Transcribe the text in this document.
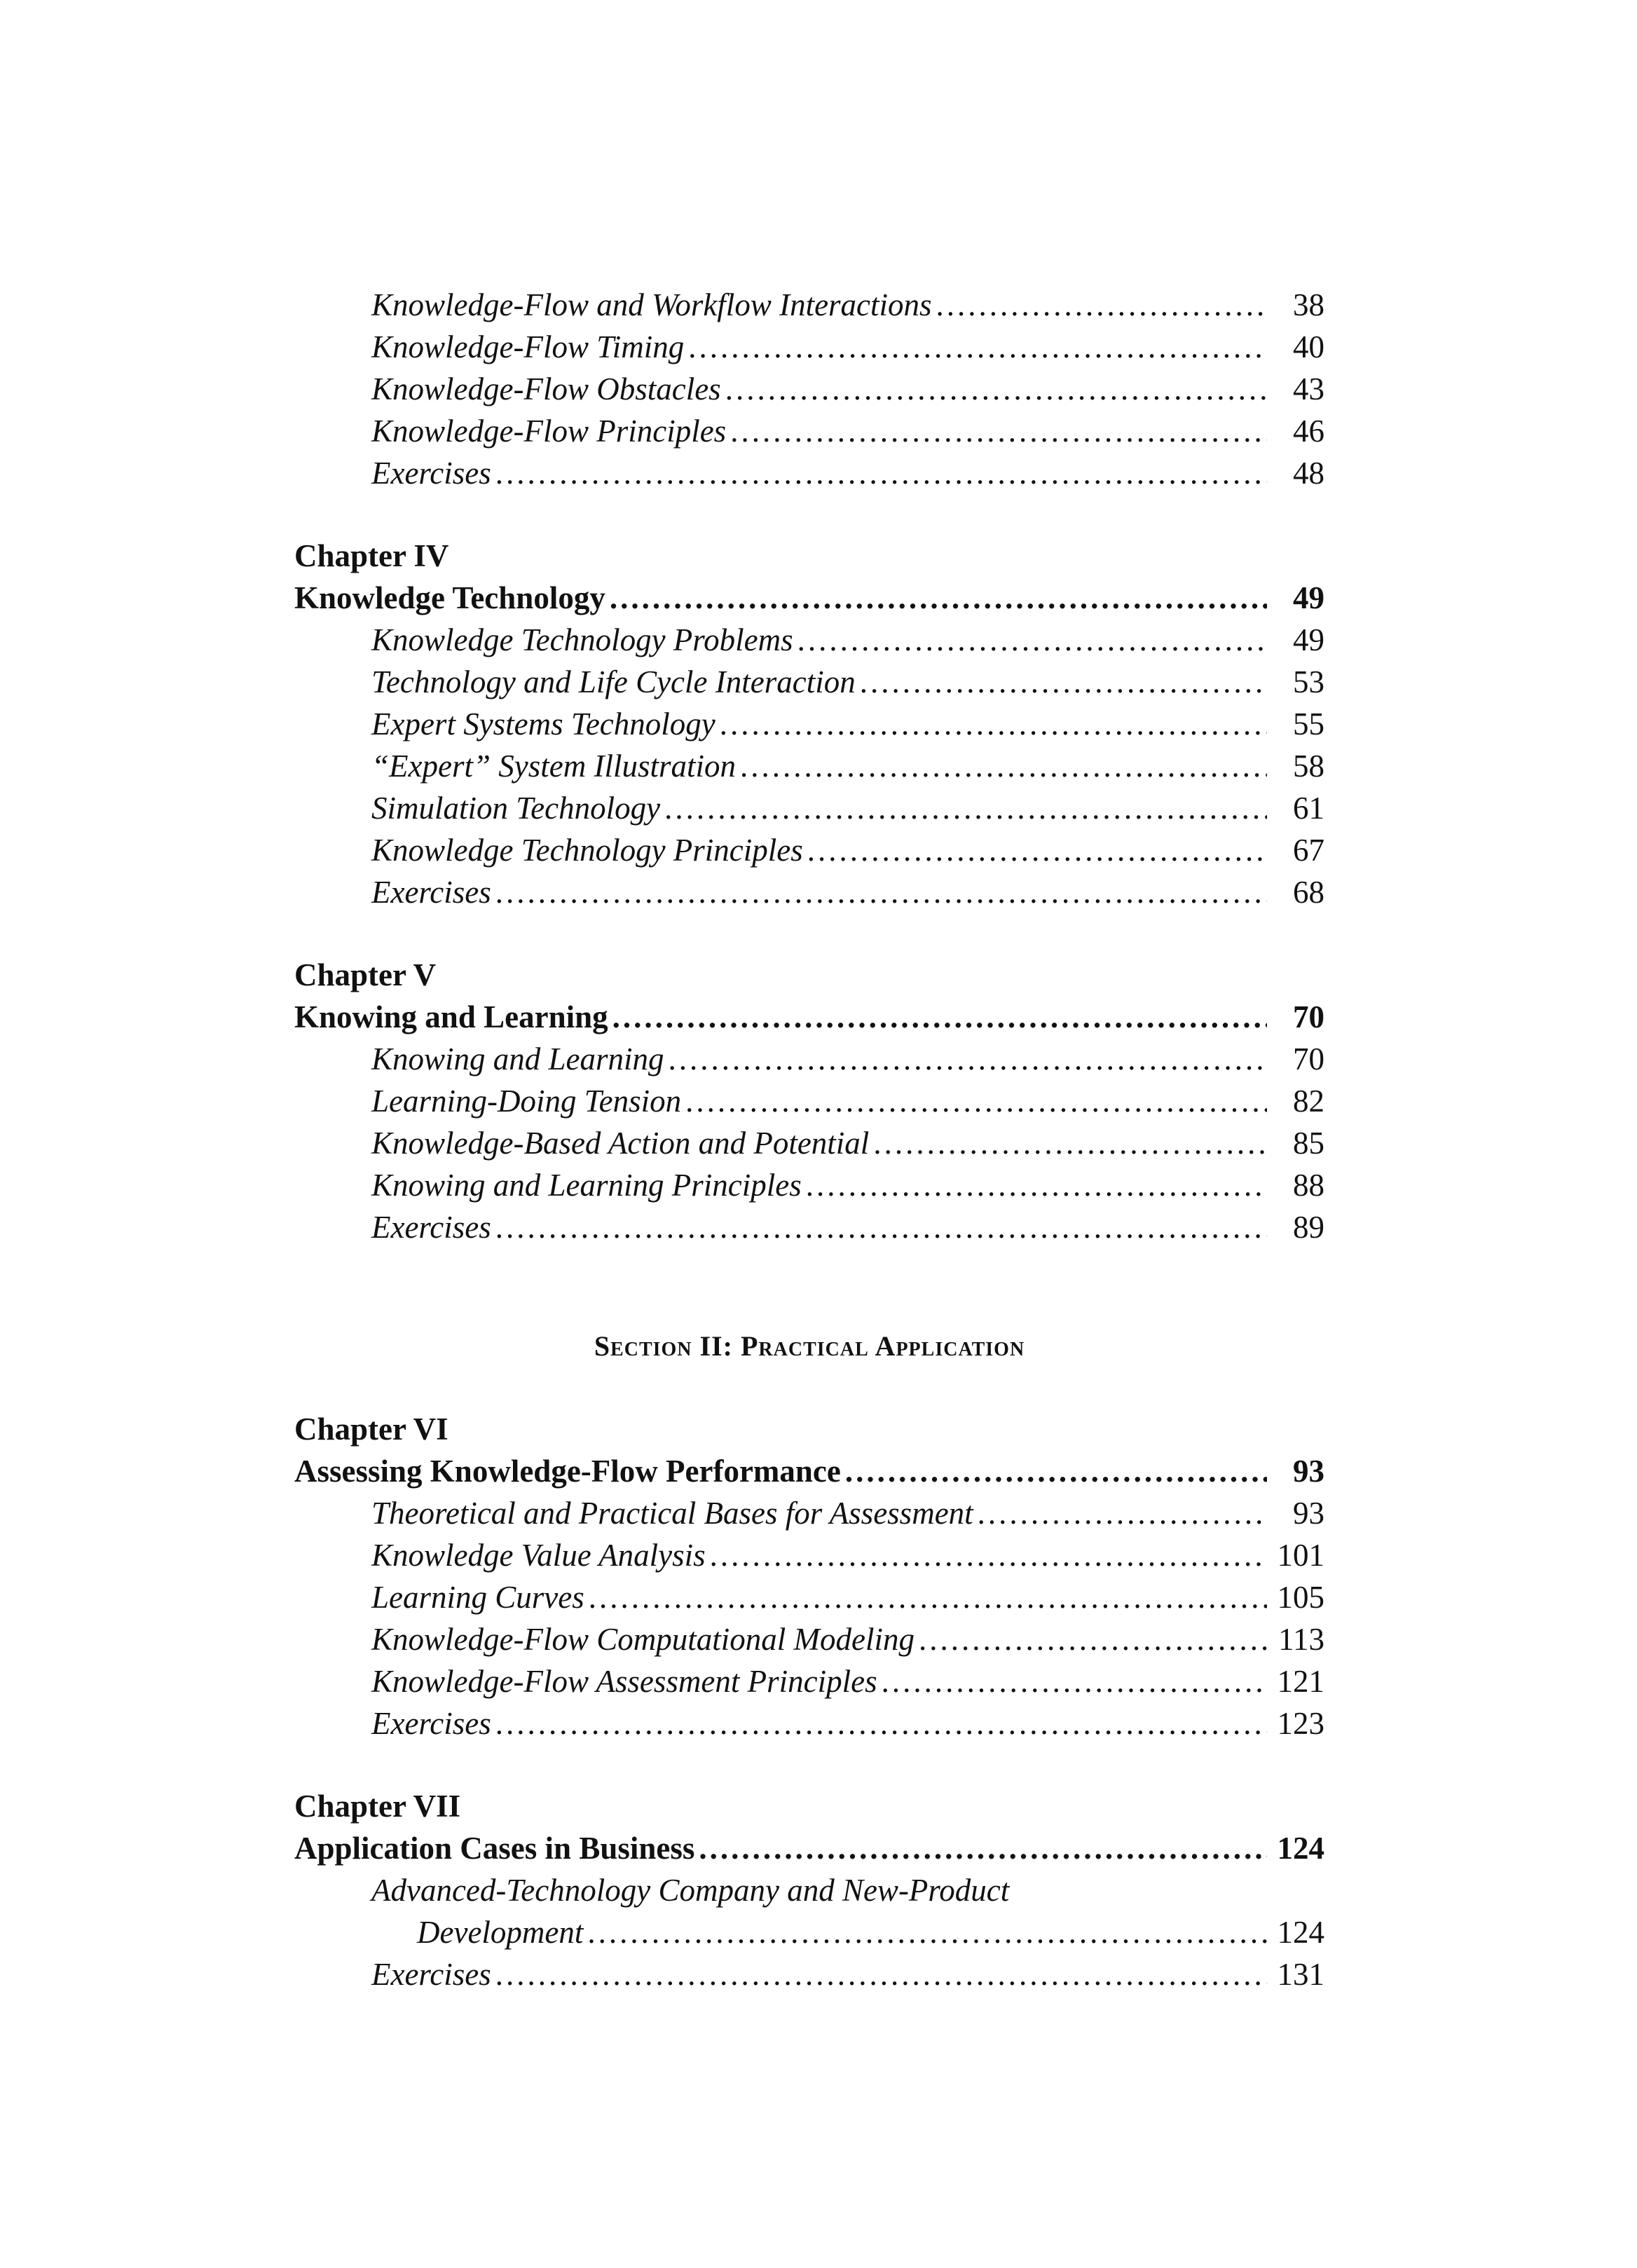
Knowledge-Flow and Workflow Interactions .....	38
Knowledge-Flow Timing .....	40
Knowledge-Flow Obstacles .....	43
Knowledge-Flow Principles .....	46
Exercises .....	48
Chapter IV
Knowledge Technology .....	49
Knowledge Technology Problems .....	49
Technology and Life Cycle Interaction .....	53
Expert Systems Technology .....	55
“Expert” System Illustration .....	58
Simulation Technology .....	61
Knowledge Technology Principles .....	67
Exercises .....	68
Chapter V
Knowing and Learning .....	70
Knowing and Learning .....	70
Learning-Doing Tension .....	82
Knowledge-Based Action and Potential .....	85
Knowing and Learning Principles .....	88
Exercises .....	89
Section II: Practical Application
Chapter VI
Assessing Knowledge-Flow Performance .....	93
Theoretical and Practical Bases for Assessment .....	93
Knowledge Value Analysis .....	101
Learning Curves .....	105
Knowledge-Flow Computational Modeling .....	113
Knowledge-Flow Assessment Principles .....	121
Exercises .....	123
Chapter VII
Application Cases in Business .....	124
Advanced-Technology Company and New-Product
Development .....	124
Exercises .....	131
